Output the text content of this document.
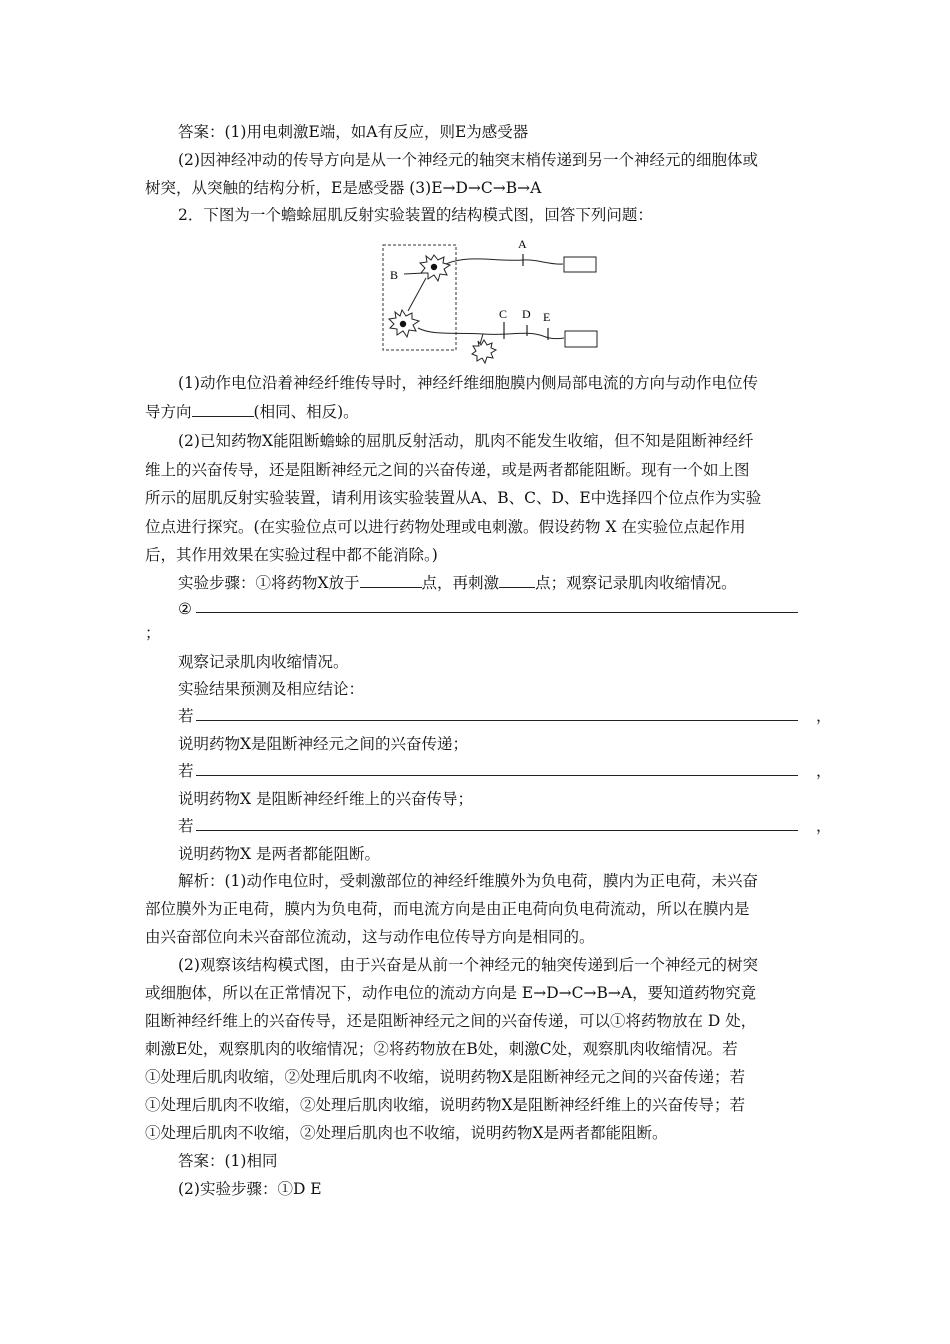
答案：(1)用电刺激E端，如A有反应，则E为感受器
(2)因神经冲动的传导方向是从一个神经元的轴突末梢传递到另一个神经元的细胞体或
树突，从突触的结构分析，E是感受器 (3)E→D→C→B→A
2．下图为一个蟾蜍屈肌反射实验装置的结构模式图，回答下列问题：
A
B
C D E
(1)动作电位沿着神经纤维传导时，神经纤维细胞膜内侧局部电流的方向与动作电位传
导方向	(相同、相反)。
(2)已知药物X能阻断蟾蜍的屈肌反射活动，肌肉不能发生收缩，但不知是阻断神经纤
维上的兴奋传导，还是阻断神经元之间的兴奋传递，或是两者都能阻断。现有一个如上图
所示的屈肌反射实验装置，请利用该实验装置从A、B、C、D、E中选择四个位点作为实验
位点进行探究。(在实验位点可以进行药物处理或电刺激。假设药物 X 在实验位点起作用
后，其作用效果在实验过程中都不能消除。)
实验步骤：①将药物X放于	点，再刺激 点；观察记录肌肉收缩情况。
②
；
观察记录肌肉收缩情况。
实验结果预测及相应结论：
若	，
说明药物X是阻断神经元之间的兴奋传递；
若	，
说明药物X 是阻断神经纤维上的兴奋传导；
若	，
说明药物X 是两者都能阻断。
解析：(1)动作电位时，受刺激部位的神经纤维膜外为负电荷，膜内为正电荷，未兴奋
部位膜外为正电荷，膜内为负电荷，而电流方向是由正电荷向负电荷流动，所以在膜内是
由兴奋部位向未兴奋部位流动，这与动作电位传导方向是相同的。
(2)观察该结构模式图，由于兴奋是从前一个神经元的轴突传递到后一个神经元的树突
或细胞体，所以在正常情况下，动作电位的流动方向是 E→D→C→B→A，要知道药物究竟
阻断神经纤维上的兴奋传导，还是阻断神经元之间的兴奋传递，可以①将药物放在 D 处，
刺激E处，观察肌肉的收缩情况；②将药物放在B处，刺激C处，观察肌肉收缩情况。若
①处理后肌肉收缩，②处理后肌肉不收缩，说明药物X是阻断神经元之间的兴奋传递；若
①处理后肌肉不收缩，②处理后肌肉收缩，说明药物X是阻断神经纤维上的兴奋传导；若
①处理后肌肉不收缩，②处理后肌肉也不收缩，说明药物X是两者都能阻断。
答案：(1)相同
(2)实验步骤：①D E
